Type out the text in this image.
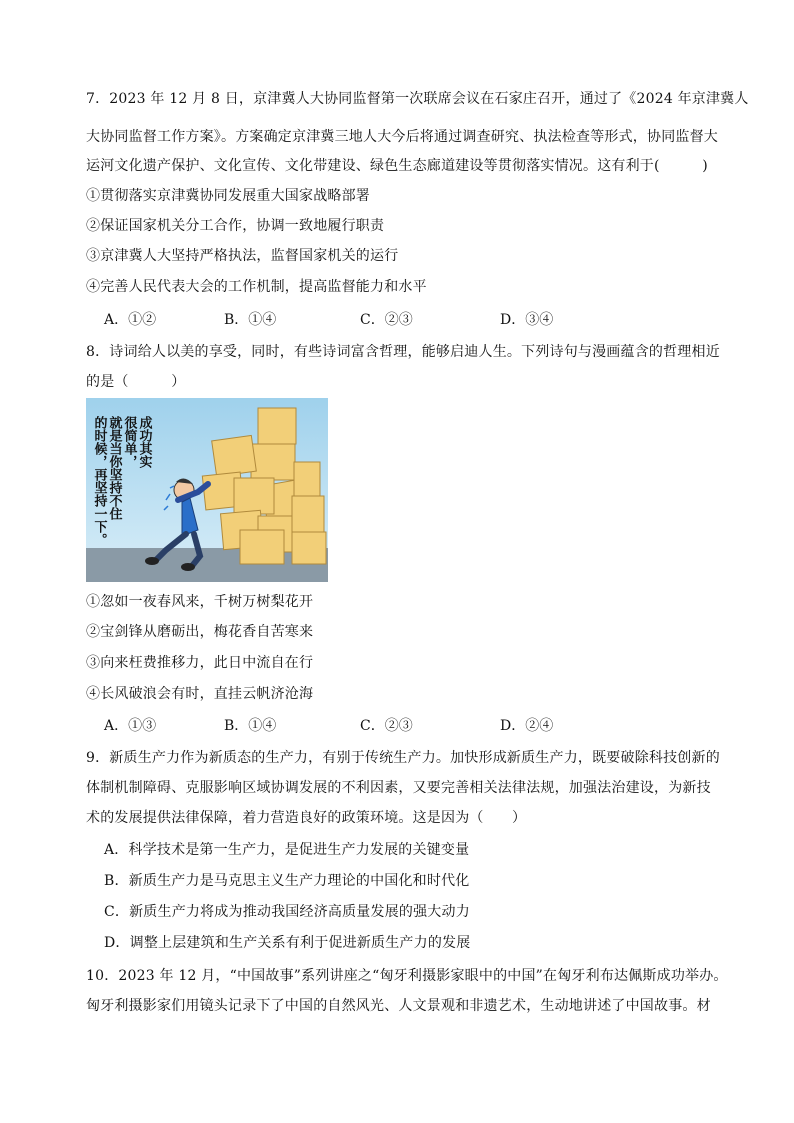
7．2023 年 12 月 8 日，京津冀人大协同监督第一次联席会议在石家庄召开，通过了《2024 年京津冀人
大协同监督工作方案》。方案确定京津冀三地人大今后将通过调查研究、执法检查等形式，协同监督大
运河文化遗产保护、文化宣传、文化带建设、绿色生态廊道建设等贯彻落实情况。这有利于(　　　)
①贯彻落实京津冀协同发展重大国家战略部署
②保证国家机关分工合作，协调一致地履行职责
③京津冀人大坚持严格执法，监督国家机关的运行
④完善人民代表大会的工作机制，提高监督能力和水平
A．①②	B．①④	C．②③	D．③④
8．诗词给人以美的享受，同时，有些诗词富含哲理，能够启迪人生。下列诗句与漫画蕴含的哲理相近
的是（　　　）
成功其实
很简单，
就是当你坚持不住
的时候，再坚持一下。
①忽如一夜春风来，千树万树梨花开
②宝剑锋从磨砺出，梅花香自苦寒来
③向来枉费推移力，此日中流自在行
④长风破浪会有时，直挂云帆济沧海
A．①③	B．①④	C．②③	D．②④
9．新质生产力作为新质态的生产力，有别于传统生产力。加快形成新质生产力，既要破除科技创新的
体制机制障碍、克服影响区域协调发展的不利因素，又要完善相关法律法规，加强法治建设，为新技
术的发展提供法律保障，着力营造良好的政策环境。这是因为（　　）
A．科学技术是第一生产力，是促进生产力发展的关键变量
B．新质生产力是马克思主义生产力理论的中国化和时代化
C．新质生产力将成为推动我国经济高质量发展的强大动力
D．调整上层建筑和生产关系有利于促进新质生产力的发展
10．2023 年 12 月，“中国故事”系列讲座之“匈牙利摄影家眼中的中国”在匈牙利布达佩斯成功举办。
匈牙利摄影家们用镜头记录下了中国的自然风光、人文景观和非遗艺术，生动地讲述了中国故事。材
